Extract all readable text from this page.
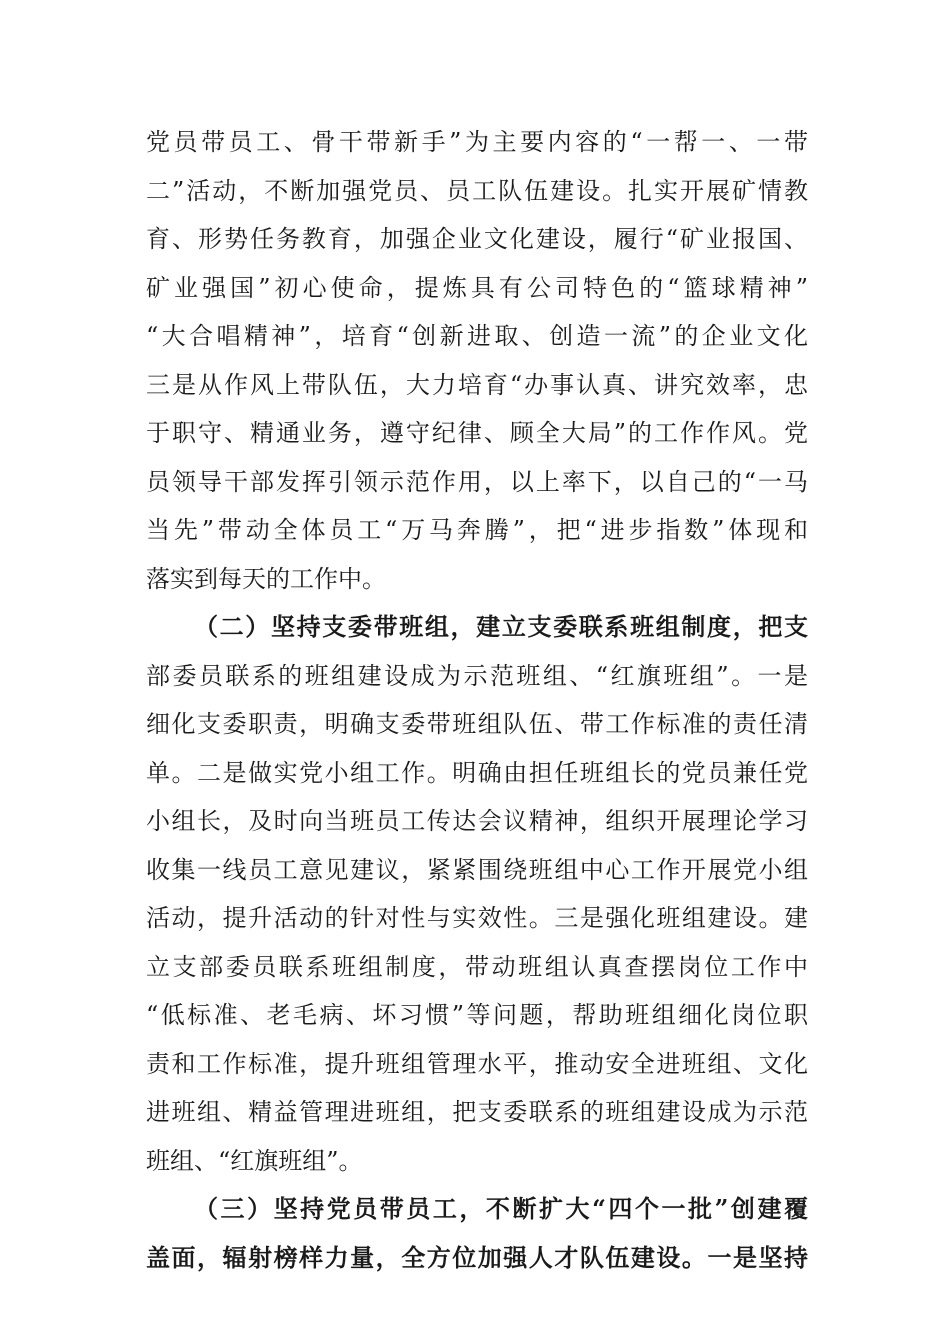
党员带员工、骨干带新手”为主要内容的“一帮一、一带
二”活动，不断加强党员、员工队伍建设。扎实开展矿情教
育、形势任务教育，加强企业文化建设，履行“矿业报国、
矿业强国”初心使命，提炼具有公司特色的“篮球精神”
“大合唱精神”，培育“创新进取、创造一流”的企业文化
三是从作风上带队伍，大力培育“办事认真、讲究效率，忠
于职守、精通业务，遵守纪律、顾全大局”的工作作风。党
员领导干部发挥引领示范作用，以上率下，以自己的“一马
当先”带动全体员工“万马奔腾”，把“进步指数”体现和
落实到每天的工作中。
（二）坚持支委带班组，建立支委联系班组制度，把支
部委员联系的班组建设成为示范班组、“红旗班组”。一是
细化支委职责，明确支委带班组队伍、带工作标准的责任清
单。二是做实党小组工作。明确由担任班组长的党员兼任党
小组长，及时向当班员工传达会议精神，组织开展理论学习
收集一线员工意见建议，紧紧围绕班组中心工作开展党小组
活动，提升活动的针对性与实效性。三是强化班组建设。建
立支部委员联系班组制度，带动班组认真查摆岗位工作中
“低标准、老毛病、坏习惯”等问题，帮助班组细化岗位职
责和工作标准，提升班组管理水平，推动安全进班组、文化
进班组、精益管理进班组，把支委联系的班组建设成为示范
班组、“红旗班组”。
（三）坚持党员带员工，不断扩大“四个一批”创建覆
盖面，辐射榜样力量，全方位加强人才队伍建设。一是坚持
